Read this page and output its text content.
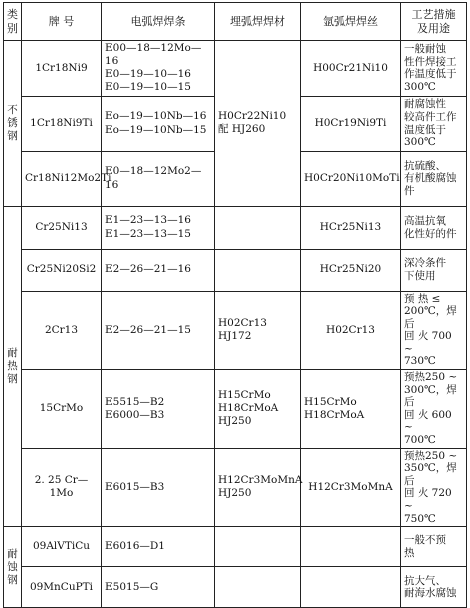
类
别	牌 号	电弧焊焊条	埋弧焊焊材	氩弧焊焊丝	工艺措施
及用途

不
锈
钢	1Cr18Ni9	E00—18—12Mo—16
E0—19—10—16
E0—19—10—15	H0Cr22Ni10
配 HJ260	H00Cr21Ni10	一般耐蚀
性件焊接工
作温度低于
300℃

	1Cr18Ni9Ti	Eo—19—10Nb—16
Eo—19—10Nb—15		H0Cr19Ni9Ti	耐腐蚀性
较高件工作
温度低于
300℃

	Cr18Ni12Mo2Ti	E0—18—12Mo2—16		H0Cr20Ni10MoTi	抗硫酸、
有机酸腐蚀件

耐
热
钢	Cr25Ni13	E1—23—13—16
E1—23—13—15		HCr25Ni13	高温抗氧
化性好的件

	Cr25Ni20Si2	E2—26—21—16		HCr25Ni20	深冷条件
下使用

	2Cr13	E2—26—21—15	H02Cr13
HJ172	H02Cr13	预 热 ≤
200℃，焊后
回 火 700 ~
730℃

	15CrMo	E5515—B2
E6000—B3	H15CrMo
H18CrMoA
HJ250	H15CrMo
H18CrMoA	预热250 ~
300℃，焊后
回 火 600 ~
700℃

	2. 25 Cr—1Mo	E6015—B3	H12Cr3MoMnA
HJ250	H12Cr3MoMnA	预热250 ~
350℃，焊后
回 火 720 ~
750℃

耐
蚀
钢	09AlVTiCu	E6016—D1			一般不预
热

	09MnCuPTi	E5015—G			抗大气、
耐海水腐蚀
